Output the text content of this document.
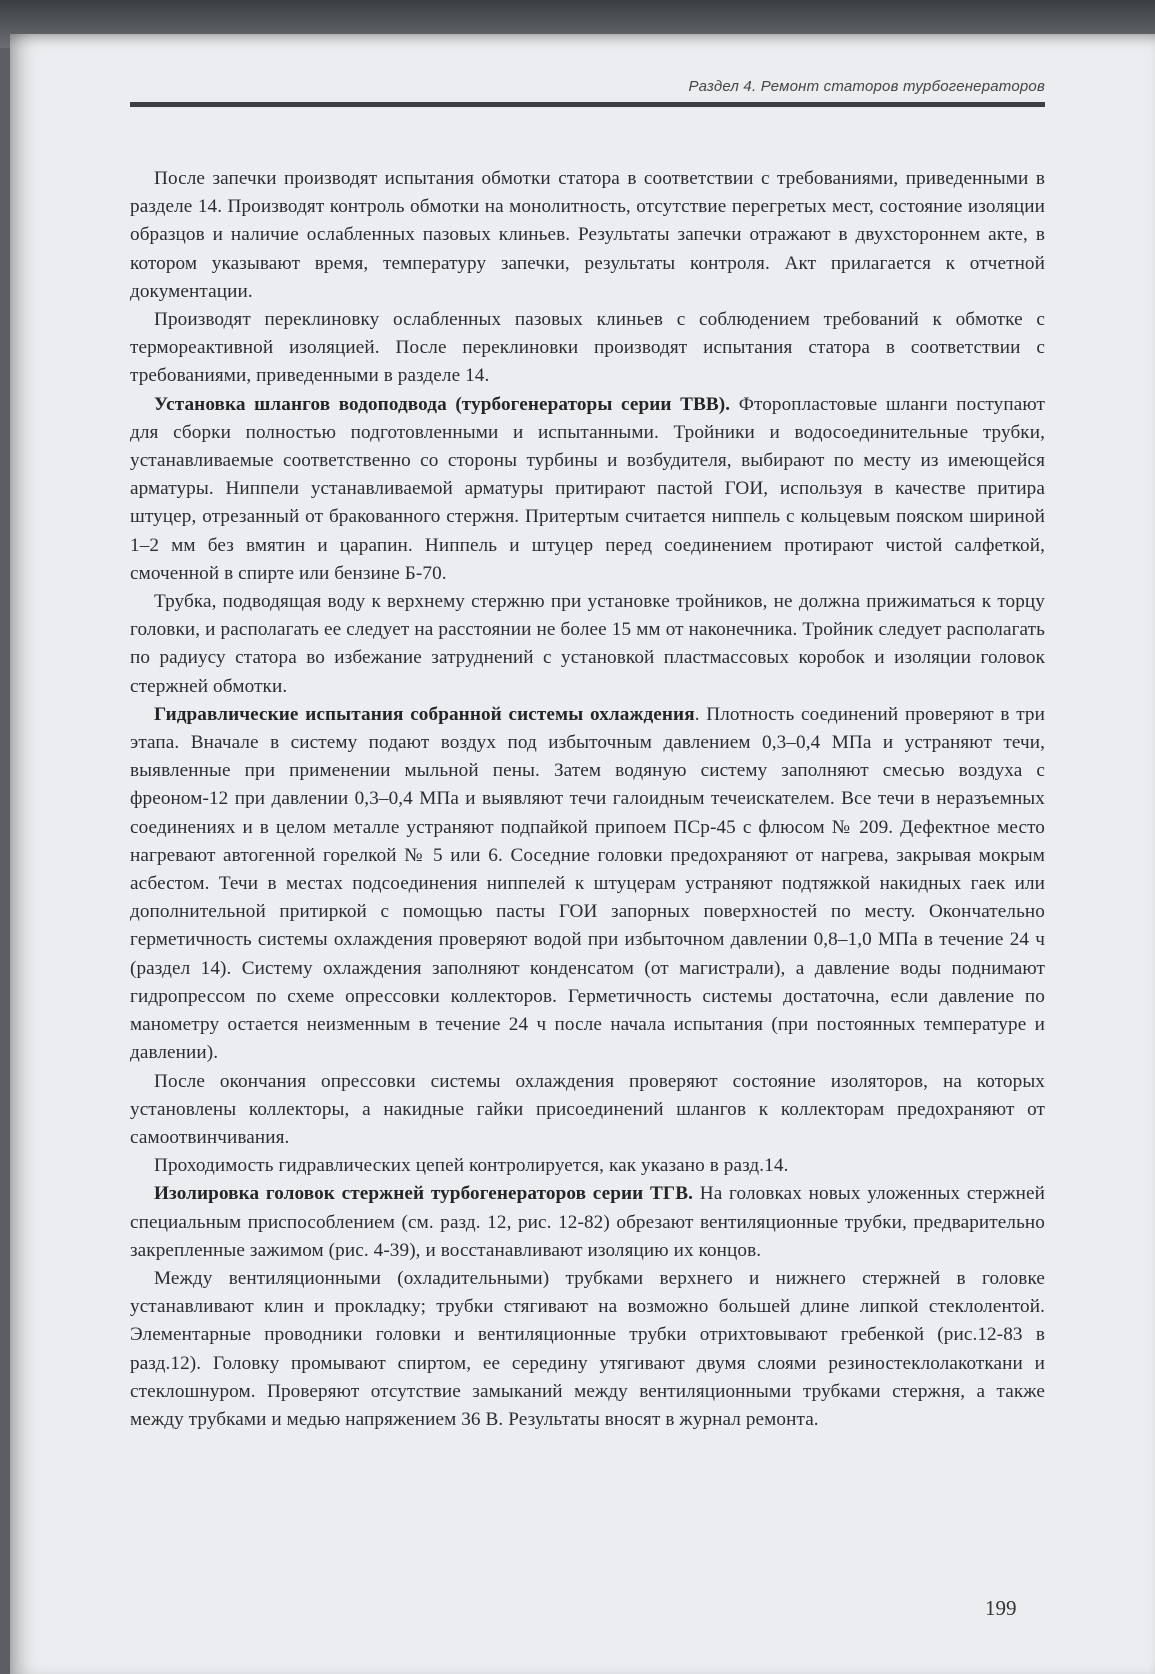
Раздел 4. Ремонт статоров турбогенераторов

После запечки производят испытания обмотки статора в соответствии с требованиями, приведенными в разделе 14. Производят контроль обмотки на монолитность, отсутствие перегретых мест, состояние изоляции образцов и наличие ослабленных пазовых клиньев. Результаты запечки отражают в двухстороннем акте, в котором указывают время, температуру запечки, результаты контроля. Акт прилагается к отчетной документации.

Производят переклиновку ослабленных пазовых клиньев с соблюдением требований к обмотке с термореактивной изоляцией. После переклиновки производят испытания статора в соответствии с требованиями, приведенными в разделе 14.

Установка шлангов водоподвода (турбогенераторы серии ТВВ). Фторопластовые шланги поступают для сборки полностью подготовленными и испытанными. Тройники и водосоединительные трубки, устанавливаемые соответственно со стороны турбины и возбудителя, выбирают по месту из имеющейся арматуры. Ниппели устанавливаемой арматуры притирают пастой ГОИ, используя в качестве притира штуцер, отрезанный от бракованного стержня. Притертым считается ниппель с кольцевым пояском шириной 1–2 мм без вмятин и царапин. Ниппель и штуцер перед соединением протирают чистой салфеткой, смоченной в спирте или бензине Б-70.

Трубка, подводящая воду к верхнему стержню при установке тройников, не должна прижиматься к торцу головки, и располагать ее следует на расстоянии не более 15 мм от наконечника. Тройник следует располагать по радиусу статора во избежание затруднений с установкой пластмассовых коробок и изоляции головок стержней обмотки.

Гидравлические испытания собранной системы охлаждения. Плотность соединений проверяют в три этапа. Вначале в систему подают воздух под избыточным давлением 0,3–0,4 МПа и устраняют течи, выявленные при применении мыльной пены. Затем водяную систему заполняют смесью воздуха с фреоном-12 при давлении 0,3–0,4 МПа и выявляют течи галоидным течеискателем. Все течи в неразъемных соединениях и в целом металле устраняют подпайкой припоем ПСр-45 с флюсом № 209. Дефектное место нагревают автогенной горелкой № 5 или 6. Соседние головки предохраняют от нагрева, закрывая мокрым асбестом. Течи в местах подсоединения ниппелей к штуцерам устраняют подтяжкой накидных гаек или дополнительной притиркой с помощью пасты ГОИ запорных поверхностей по месту. Окончательно герметичность системы охлаждения проверяют водой при избыточном давлении 0,8–1,0 МПа в течение 24 ч (раздел 14). Систему охлаждения заполняют конденсатом (от магистрали), а давление воды поднимают гидропрессом по схеме опрессовки коллекторов. Герметичность системы достаточна, если давление по манометру остается неизменным в течение 24 ч после начала испытания (при постоянных температуре и давлении).

После окончания опрессовки системы охлаждения проверяют состояние изоляторов, на которых установлены коллекторы, а накидные гайки присоединений шлангов к коллекторам предохраняют от самоотвинчивания.

Проходимость гидравлических цепей контролируется, как указано в разд.14.

Изолировка головок стержней турбогенераторов серии ТГВ. На головках новых уложенных стержней специальным приспособлением (см. разд. 12, рис. 12-82) обрезают вентиляционные трубки, предварительно закрепленные зажимом (рис. 4-39), и восстанавливают изоляцию их концов.

Между вентиляционными (охладительными) трубками верхнего и нижнего стержней в головке устанавливают клин и прокладку; трубки стягивают на возможно большей длине липкой стеклолентой. Элементарные проводники головки и вентиляционные трубки отрихтовывают гребенкой (рис.12-83 в разд.12). Головку промывают спиртом, ее середину утягивают двумя слоями резиностеклолакоткани и стеклошнуром. Проверяют отсутствие замыканий между вентиляционными трубками стержня, а также между трубками и медью напряжением 36 В. Результаты вносят в журнал ремонта.

199
